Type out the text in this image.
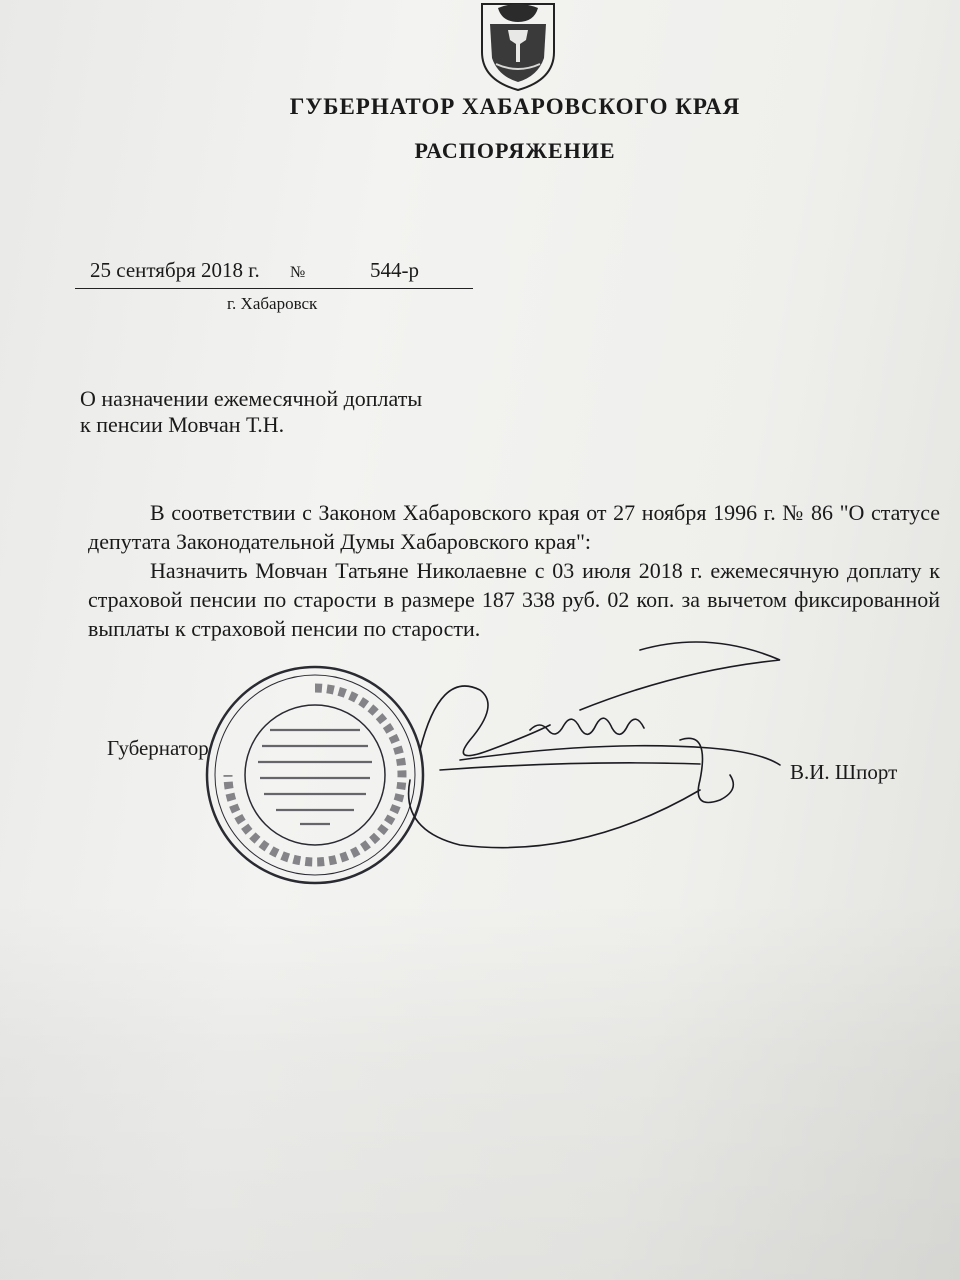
ГУБЕРНАТОР ХАБАРОВСКОГО КРАЯ
РАСПОРЯЖЕНИЕ
25 сентября 2018 г. №	544-р
г. Хабаровск
О назначении ежемесячной доплаты
к пенсии Мовчан Т.Н.

В соответствии с Законом Хабаровского края от 27 ноября 1996 г. № 86 "О статусе депутата Законодательной Думы Хабаровского края":

Назначить Мовчан Татьяне Николаевне с 03 июля 2018 г. ежемесячную доплату к страховой пенсии по старости в размере 187 338 руб. 02 коп. за вычетом фиксированной выплаты к страховой пенсии по старости.

Губернатор
В.И. Шпорт
